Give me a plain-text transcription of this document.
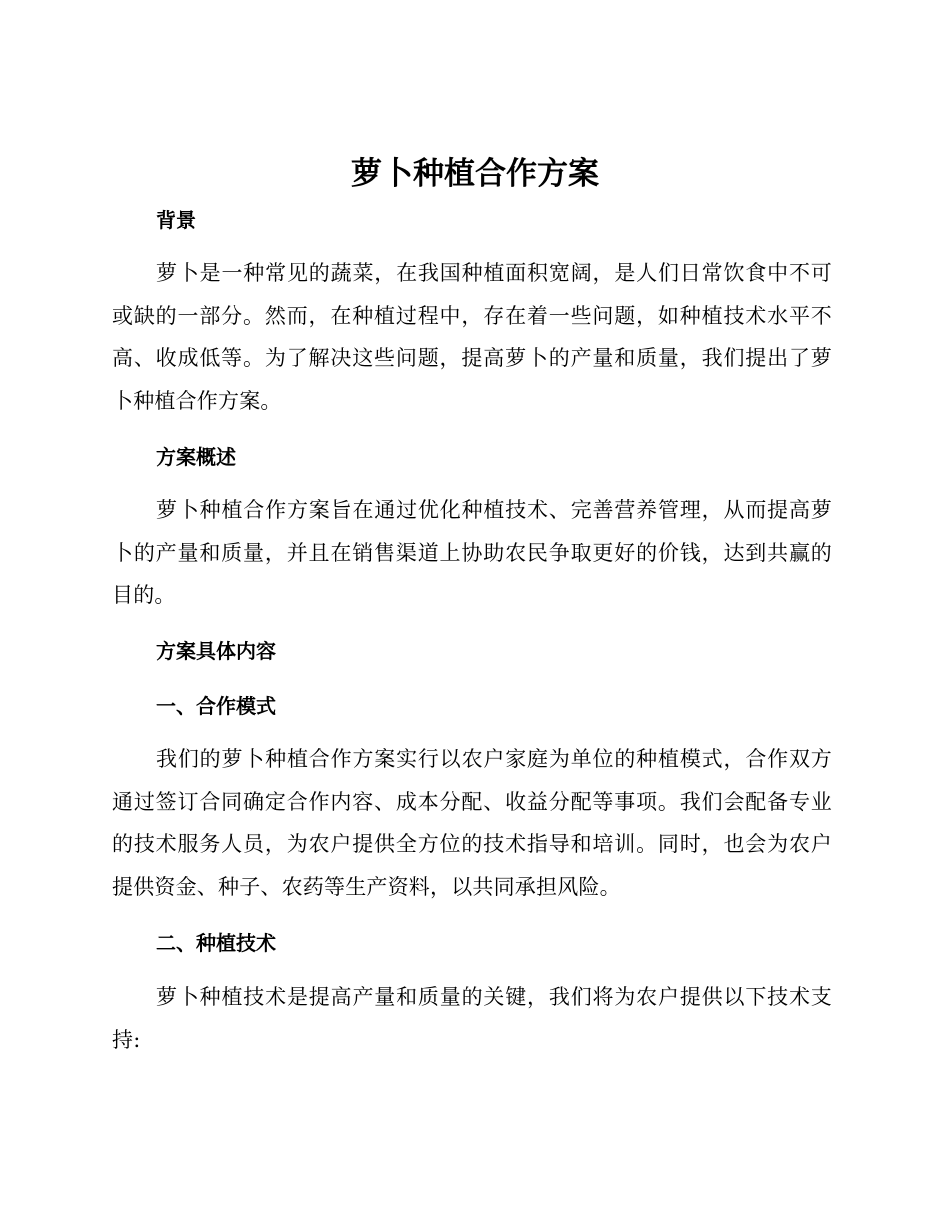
萝卜种植合作方案
背景
萝卜是一种常见的蔬菜，在我国种植面积宽阔，是人们日常饮食中不可或缺的一部分。然而，在种植过程中，存在着一些问题，如种植技术水平不高、收成低等。为了解决这些问题，提高萝卜的产量和质量，我们提出了萝卜种植合作方案。
方案概述
萝卜种植合作方案旨在通过优化种植技术、完善营养管理，从而提高萝卜的产量和质量，并且在销售渠道上协助农民争取更好的价钱，达到共赢的目的。
方案具体内容
一、合作模式
我们的萝卜种植合作方案实行以农户家庭为单位的种植模式，合作双方通过签订合同确定合作内容、成本分配、收益分配等事项。我们会配备专业的技术服务人员，为农户提供全方位的技术指导和培训。同时，也会为农户提供资金、种子、农药等生产资料，以共同承担风险。
二、种植技术
萝卜种植技术是提高产量和质量的关键，我们将为农户提供以下技术支持:
